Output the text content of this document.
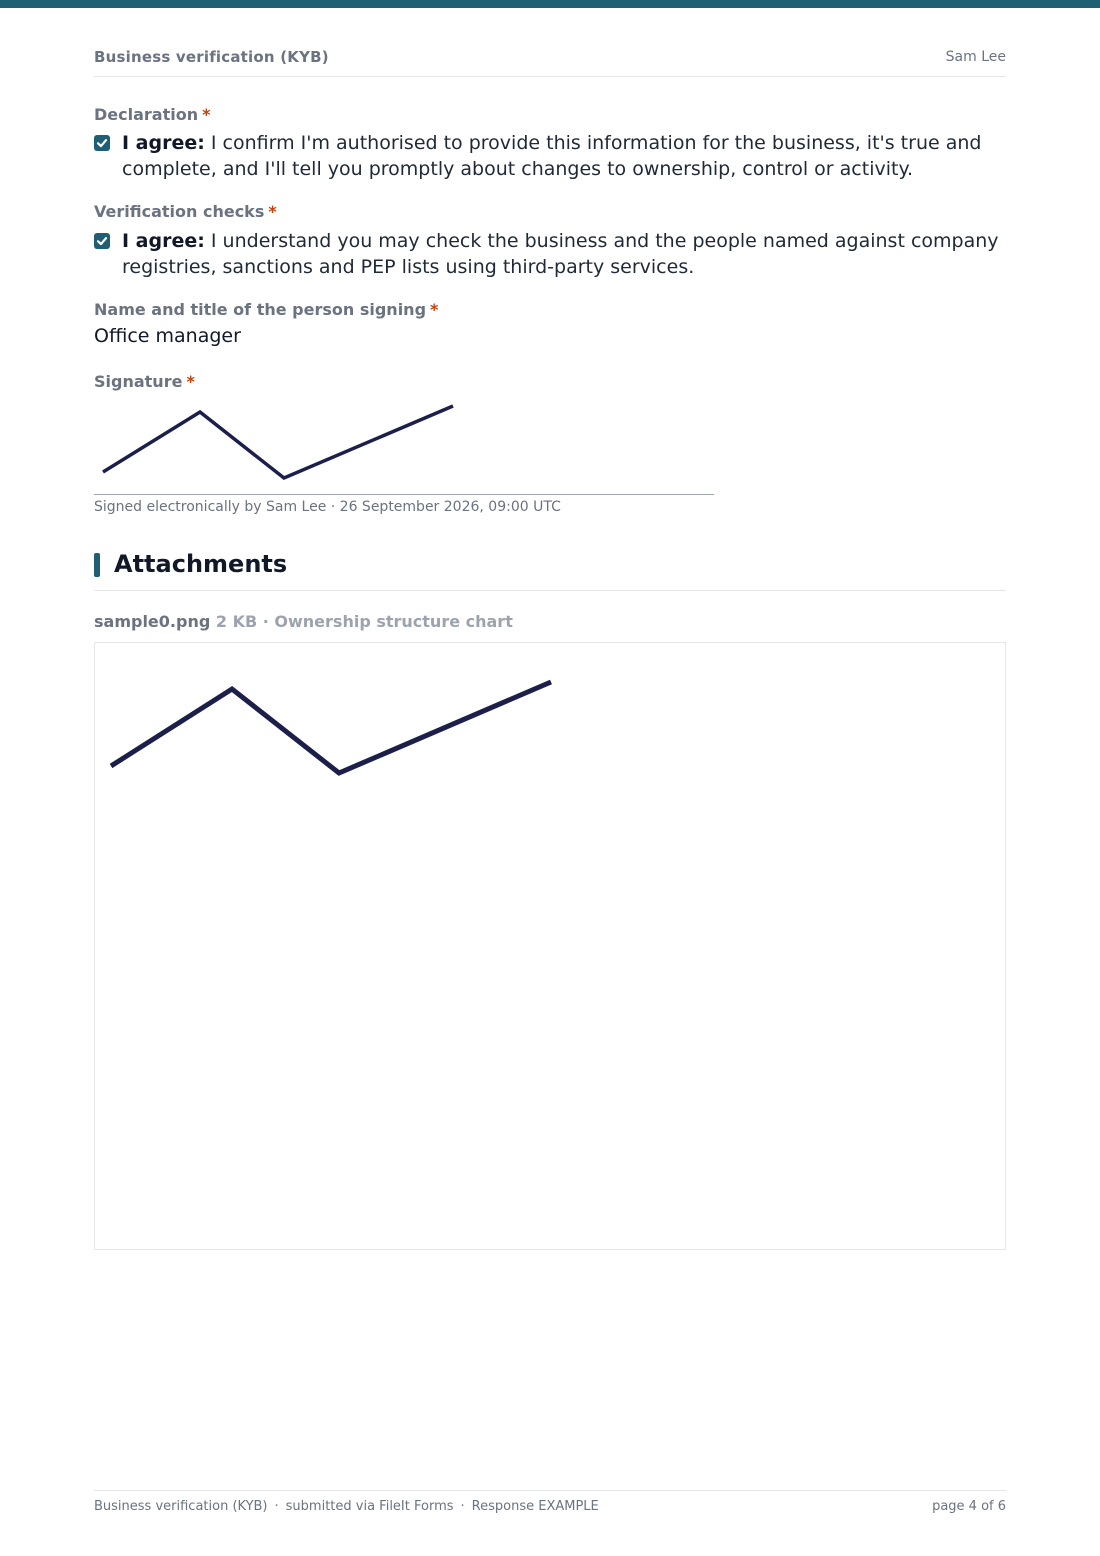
Business verification (KYB)	Sam Lee
Declaration *
I agree: I confirm I'm authorised to provide this information for the business, it's true and complete, and I'll tell you promptly about changes to ownership, control or activity.
Verification checks *
I agree: I understand you may check the business and the people named against company registries, sanctions and PEP lists using third-party services.
Name and title of the person signing *
Office manager
Signature *
Signed electronically by Sam Lee · 26 September 2026, 09:00 UTC
Attachments
sample0.png 2 KB · Ownership structure chart
Business verification (KYB) · submitted via FileIt Forms · Response EXAMPLE	page 4 of 6
